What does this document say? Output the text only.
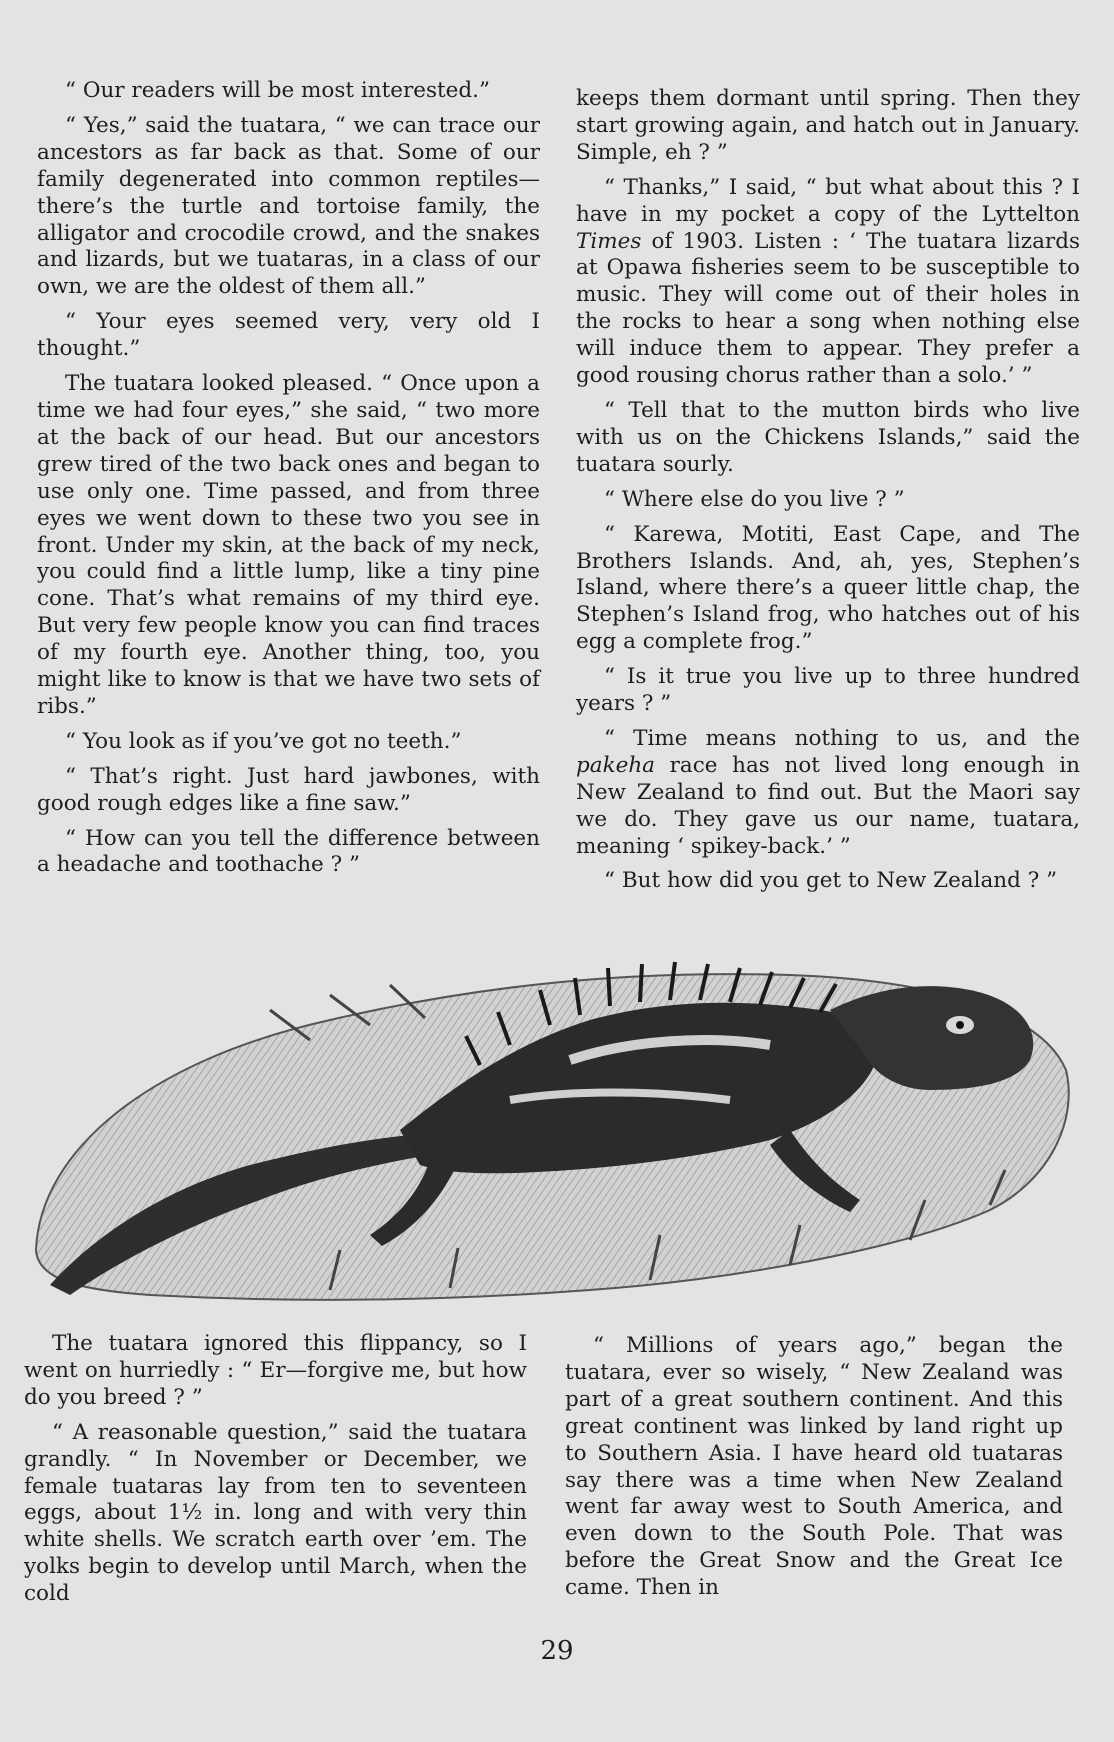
“ Our readers will be most interested.”

“ Yes,” said the tuatara, “ we can trace our ancestors as far back as that. Some of our family degenerated into common reptiles—there’s the turtle and tortoise family, the alligator and crocodile crowd, and the snakes and lizards, but we tuataras, in a class of our own, we are the oldest of them all.”

“ Your eyes seemed very, very old I thought.”

The tuatara looked pleased. “ Once upon a time we had four eyes,” she said, “ two more at the back of our head. But our ancestors grew tired of the two back ones and began to use only one. Time passed, and from three eyes we went down to these two you see in front. Under my skin, at the back of my neck, you could find a little lump, like a tiny pine cone. That’s what remains of my third eye. But very few people know you can find traces of my fourth eye. Another thing, too, you might like to know is that we have two sets of ribs.”

“ You look as if you’ve got no teeth.”

“ That’s right. Just hard jawbones, with good rough edges like a fine saw.”

“ How can you tell the difference between a headache and toothache ? ”

keeps them dormant until spring. Then they start growing again, and hatch out in January. Simple, eh ? ”

“ Thanks,” I said, “ but what about this ? I have in my pocket a copy of the Lyttelton Times of 1903. Listen : ‘ The tuatara lizards at Opawa fisheries seem to be susceptible to music. They will come out of their holes in the rocks to hear a song when nothing else will induce them to appear. They prefer a good rousing chorus rather than a solo.’ ”

“ Tell that to the mutton birds who live with us on the Chickens Islands,” said the tuatara sourly.

“ Where else do you live ? ”

“ Karewa, Motiti, East Cape, and The Brothers Islands. And, ah, yes, Stephen’s Island, where there’s a queer little chap, the Stephen’s Island frog, who hatches out of his egg a complete frog.”

“ Is it true you live up to three hundred years ? ”

“ Time means nothing to us, and the pakeha race has not lived long enough in New Zealand to find out. But the Maori say we do. They gave us our name, tuatara, meaning ‘ spikey-back.’ ”

“ But how did you get to New Zealand ? ”

The tuatara ignored this flippancy, so I went on hurriedly : “ Er—forgive me, but how do you breed ? ”

“ A reasonable question,” said the tuatara grandly. “ In November or December, we female tuataras lay from ten to seventeen eggs, about 1½ in. long and with very thin white shells. We scratch earth over ’em. The yolks begin to develop until March, when the cold

“ Millions of years ago,” began the tuatara, ever so wisely, “ New Zealand was part of a great southern continent. And this great continent was linked by land right up to Southern Asia. I have heard old tuataras say there was a time when New Zealand went far away west to South America, and even down to the South Pole. That was before the Great Snow and the Great Ice came. Then in

29
